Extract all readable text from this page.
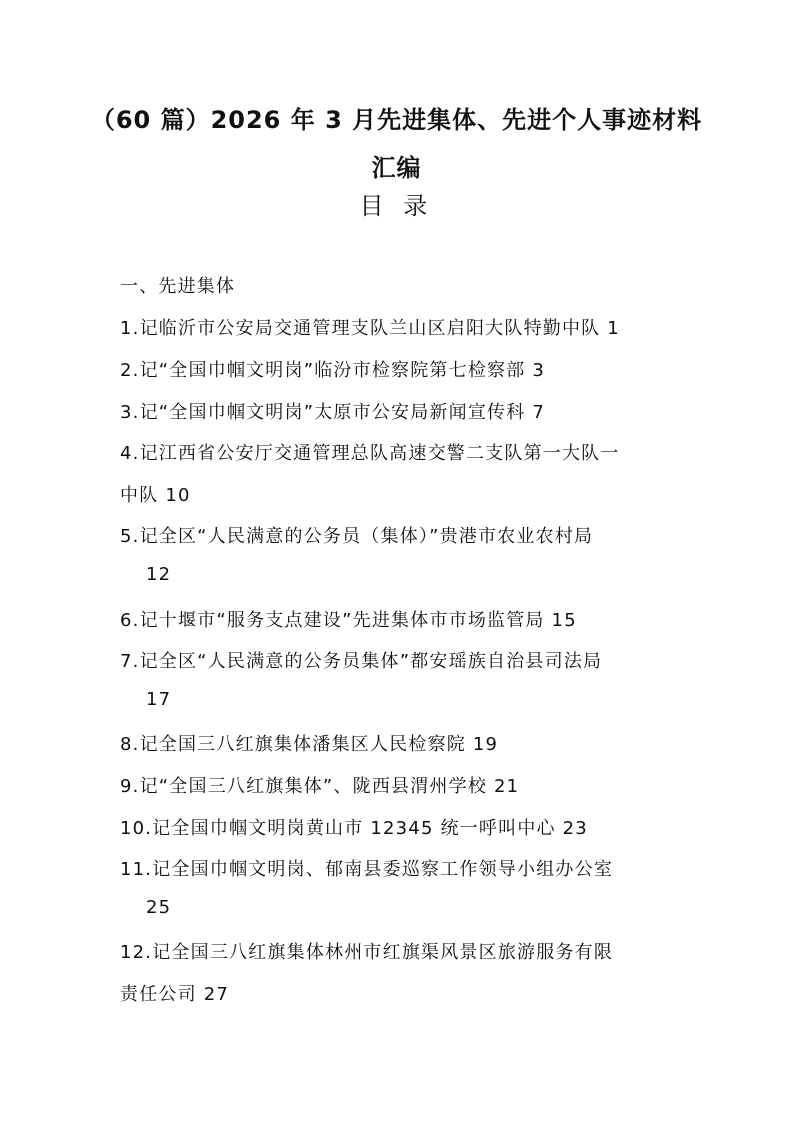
（60 篇）2026 年 3 月先进集体、先进个人事迹材料
汇编
目 录
一、先进集体
1.记临沂市公安局交通管理支队兰山区启阳大队特勤中队 1
2.记“全国巾帼文明岗”临汾市检察院第七检察部 3
3.记“全国巾帼文明岗”太原市公安局新闻宣传科 7
4.记江西省公安厅交通管理总队高速交警二支队第一大队一
中队 10
5.记全区“人民满意的公务员（集体）”贵港市农业农村局
12
6.记十堰市“服务支点建设”先进集体市市场监管局 15
7.记全区“人民满意的公务员集体”都安瑶族自治县司法局
17
8.记全国三八红旗集体潘集区人民检察院 19
9.记“全国三八红旗集体”、陇西县渭州学校 21
10.记全国巾帼文明岗黄山市 12345 统一呼叫中心 23
11.记全国巾帼文明岗、郁南县委巡察工作领导小组办公室
25
12.记全国三八红旗集体林州市红旗渠风景区旅游服务有限
责任公司 27
